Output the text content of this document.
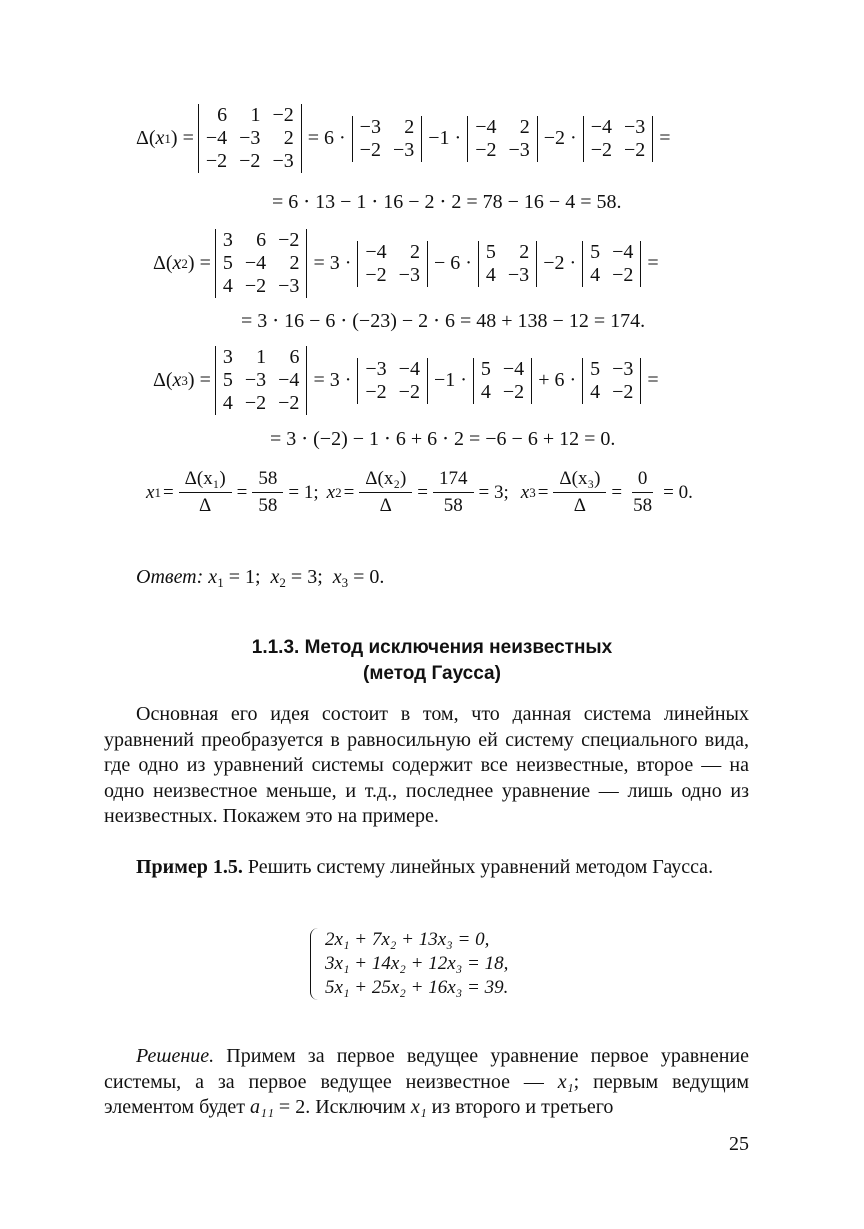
Δ( x 1 ) =
6	1 −2
−4 −3	2
−2 −2 −3
= 6 ·
−3	2
−2 −3
−1 ·
−4	2
−2 −3
−2 ·
−4 −3
−2 −2
=
= 6 ⋅ 13 − 1 ⋅ 16 − 2 ⋅ 2 = 78 − 16 − 4 = 58.
Δ( x 2 ) =
3	6 −2
5 −4	2
4 −2 −3
= 3 ·
−4	2
−2 −3
− 6 ·
5	2
4 −3
−2 ·
5 −4
4 −2
=
= 3 ⋅ 16 − 6 ⋅ (−23) − 2 ⋅ 6 = 48 + 138 − 12 = 174.
Δ( x 3 ) =
3	1	6
5 −3 −4
4 −2 −2
= 3 ·
−3 −4
−2 −2
−1 ·
5 −4
4 −2
+ 6 ·
5 −3
4 −2
=
= 3 ⋅ (−2) − 1 ⋅ 6 + 6 ⋅ 2 = −6 − 6 + 12 = 0.
x $1 = \frac{\text{Δ(x₁)}}{\Delta} = \frac{58}{58} = 1$; x $2 = \frac{\text{Δ(x₂)}}{\Delta} = \frac{174}{58} = 3$; x $3 = \frac{\text{Δ(x₃)}}{\Delta} = \frac{0}{58} = 0$.
Ответ: $x_1 = 1$;  $x_2 = 3$;  $x_3 = 0$.
1.1.3. Метод исключения неизвестных
(метод Гаусса)

Основная его идея состоит в том, что данная система линейных уравнений преобразуется в равносильную ей систему специального вида, где одно из уравнений системы содержит все неизвестные, второе — на одно неизвестное меньше, и т.д., последнее уравнение — лишь одно из неизвестных. Покажем это на примере.

Пример 1.5. Решить систему линейных уравнений методом Гаусса.

2x₁ + 7x₂ + 13x₃ = 0,
3x₁ + 14x₂ + 12x₃ = 18,
5x₁ + 25x₂ + 16x₃ = 39.

Решение. Примем за первое ведущее уравнение первое уравнение системы, а за первое ведущее неизвестное — x₁; первым ведущим элементом будет a₁₁ = 2. Исключим x₁ из второго и третьего

25
